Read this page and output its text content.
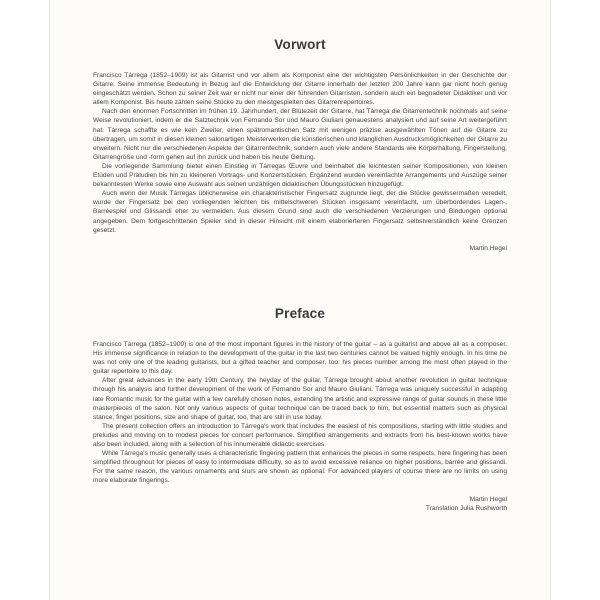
Vorwort

Francisco Tárrega (1852–1909) ist als Gitarrist und vor allem als Komponist eine der wichtigsten Persönlichkeiten in der Geschichte der Gitarre. Seine immense Bedeutung in Bezug auf die Entwicklung der Gitarre innerhalb der letzten 200 Jahre kann gar nicht hoch genug eingeschätzt werden. Schon zu seiner Zeit war er nicht nur einer der führenden Gitarristen, sondern auch ein begnadeter Didaktiker und vor allem Komponist. Bis heute zählen seine Stücke zu den meistgespielten des Gitarrenrepertoires.

Nach den enormen Fortschritten im frühen 19. Jahrhundert, der Blütezeit der Gitarre, hat Tárrega die Gitarrentechnik nochmals auf seine Weise revolutioniert, indem er die Satztechnik von Fernando Sor und Mauro Giuliani genauestens analysiert und auf seine Art weitergeführt hat. Tárrega schaffte es wie kein Zweiter, einen spätromantischen Satz mit wenigen präzise ausgewählten Tönen auf die Gitarre zu übertragen, um somit in diesen kleinen salonartigen Meisterwerken die künstlerischen und klanglichen Ausdrucksmöglichkeiten der Gitarre zu erweitern. Nicht nur die verschiedenen Aspekte der Gitarrentechnik, sondern auch viele andere Standards wie Körperhaltung, Fingerstellung, Gitarrengröße und -form gehen auf ihn zurück und haben bis heute Geltung.

Die vorliegende Sammlung bietet einen Einstieg in Tárregas Œuvre und beinhaltet die leichtesten seiner Kompositionen, von kleinen Etüden und Präludien bis hin zu kleineren Vortrags- und Konzertstücken. Ergänzend wurden vereinfachte Arrangements und Auszüge seiner bekanntesten Werke sowie eine Auswahl aus seinen unzähligen didaktischen Übungsstücken hinzugefügt.

Auch wenn der Musik Tárregas üblicherweise ein charakteristischer Fingersatz zugrunde liegt, der die Stücke gewissermaßen veredelt, wurde der Fingersatz bei den vorliegenden leichten bis mittelschweren Stücken insgesamt vereinfacht, um überbordendes Lagen-, Barréespiel und Glissandi eher zu vermeiden. Aus diesem Grund sind auch die verschiedenen Verzierungen und Bindungen optional angegeben. Dem fortgeschrittenen Spieler sind in dieser Hinsicht mit einem elaborierteren Fingersatz selbstverständlich keine Grenzen gesetzt.

Martin Hegel

Preface

Francisco Tárrega (1852–1909) is one of the most important figures in the history of the guitar – as a guitarist and above all as a composer. His immense significance in relation to the development of the guitar in the last two centuries cannot be valued highly enough. In his time he was not only one of the leading guitarists, but a gifted teacher and composer, too: his pieces number among the most often played in the guitar repertoire to this day.

After great advances in the early 19th Century, the heyday of the guitar, Tárrega brought about another revolution in guitar technique through his analysis and further development of the work of Fernando Sor and Mauro Giuliani. Tárrega was uniquely successful in adapting late Romantic music for the guitar with a few carefully chosen notes, extending the artistic and expressive range of guitar sounds in these little masterpieces of the salon. Not only various aspects of guitar technique can be traced back to him, but essential matters such as physical stance, finger positions, size and shape of guitar, too, that are still in use today.

The present collection offers an introduction to Tárrega's work that includes the easiest of his compositions, starting with little studies and preludes and moving on to modest pieces for concert performance. Simplified arrangements and extracts from his best-known works have also been included, along with a selection of his innumerable didactic exercises.

While Tárrega's music generally uses a characteristic fingering pattern that enhances the pieces in some respects, here fingering has been simplified throughout for pieces of easy to intermediate difficulty, so as to avoid excessive reliance on higher positions, barrée and glissandi. For the same reason, the various ornaments and slurs are shown as optional. For advanced players of course there are no limits on using more elaborate fingerings.

Martin Hegel
Translation Julia Rushworth
